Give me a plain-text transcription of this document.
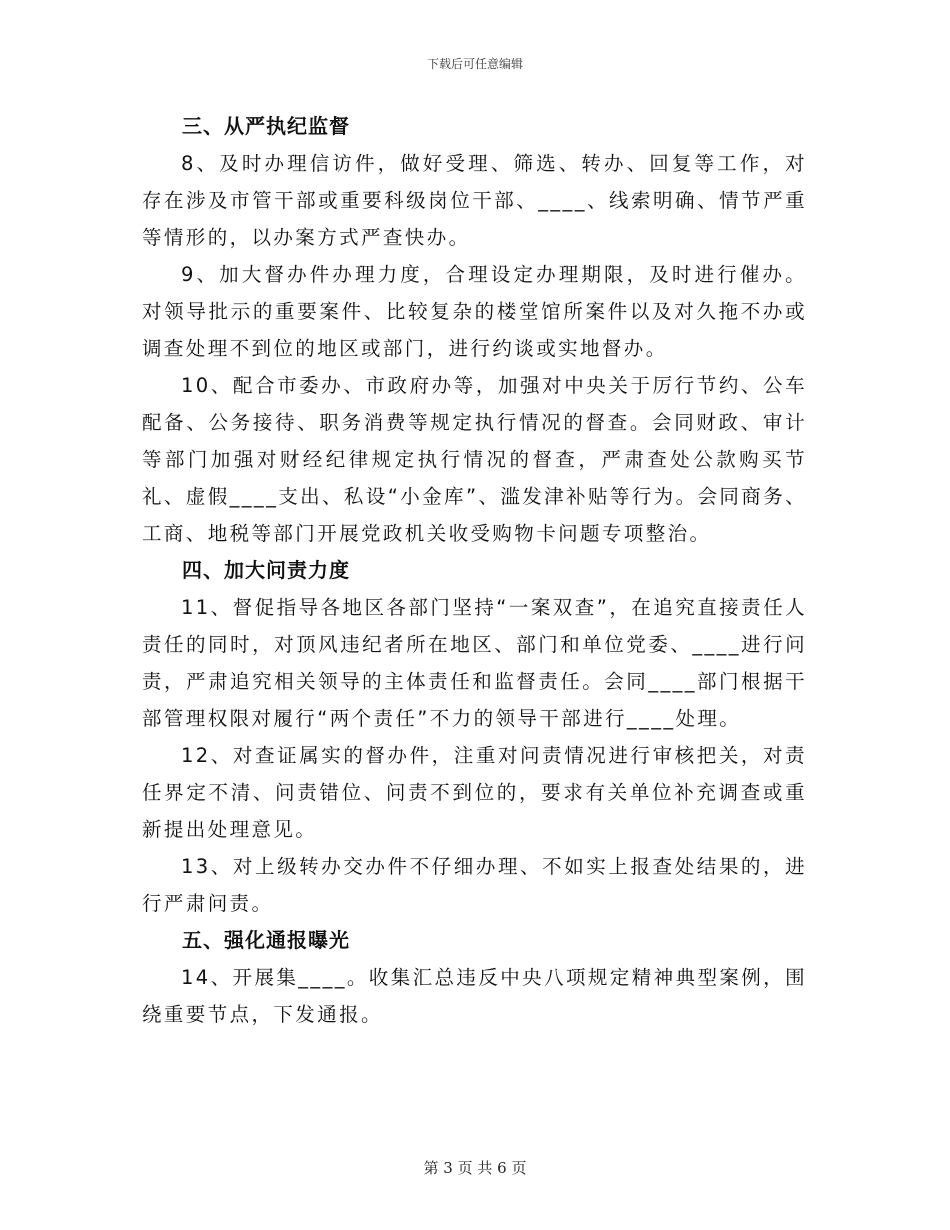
下载后可任意编辑
三、从严执纪监督

8、及时办理信访件，做好受理、筛选、转办、回复等工作，对存在涉及市管干部或重要科级岗位干部、____、线索明确、情节严重等情形的，以办案方式严查快办。

9、加大督办件办理力度，合理设定办理期限，及时进行催办。对领导批示的重要案件、比较复杂的楼堂馆所案件以及对久拖不办或调查处理不到位的地区或部门，进行约谈或实地督办。

10、配合市委办、市政府办等，加强对中央关于厉行节约、公车配备、公务接待、职务消费等规定执行情况的督查。会同财政、审计等部门加强对财经纪律规定执行情况的督查，严肃查处公款购买节礼、虚假____支出、私设“小金库”、滥发津补贴等行为。会同商务、工商、地税等部门开展党政机关收受购物卡问题专项整治。

四、加大问责力度

11、督促指导各地区各部门坚持“一案双查”，在追究直接责任人责任的同时，对顶风违纪者所在地区、部门和单位党委、____进行问责，严肃追究相关领导的主体责任和监督责任。会同____部门根据干部管理权限对履行“两个责任”不力的领导干部进行____处理。

12、对查证属实的督办件，注重对问责情况进行审核把关，对责任界定不清、问责错位、问责不到位的，要求有关单位补充调查或重新提出处理意见。

13、对上级转办交办件不仔细办理、不如实上报查处结果的，进行严肃问责。

五、强化通报曝光

14、开展集____。收集汇总违反中央八项规定精神典型案例，围绕重要节点，下发通报。

第 3 页 共 6 页
